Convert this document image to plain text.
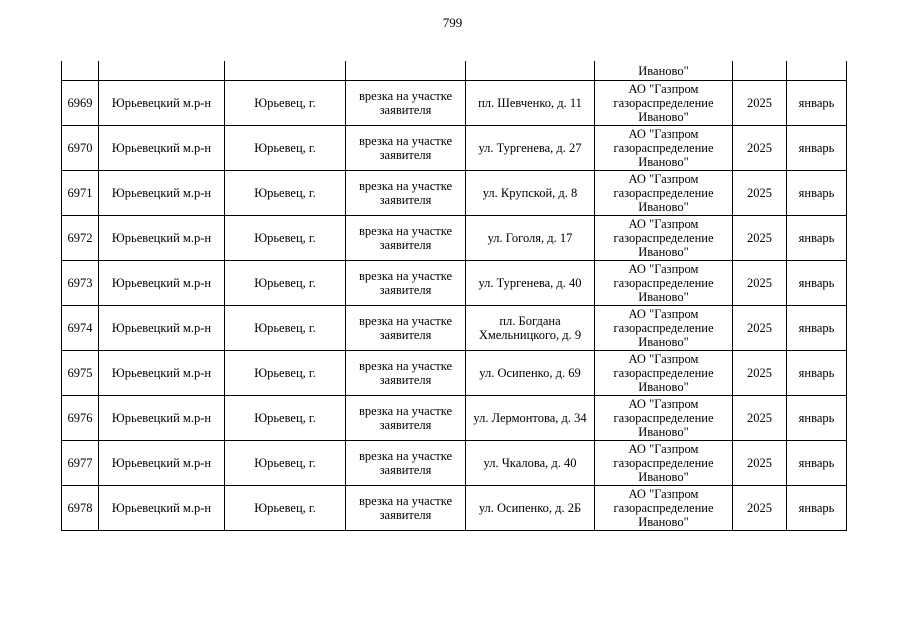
799
					Иваново"		
6969	Юрьевецкий м.р-н	Юрьевец, г.	врезка на участке заявителя	пл. Шевченко, д. 11	АО "Газпром газораспределение Иваново"	2025	январь
6970	Юрьевецкий м.р-н	Юрьевец, г.	врезка на участке заявителя	ул. Тургенева, д. 27	АО "Газпром газораспределение Иваново"	2025	январь
6971	Юрьевецкий м.р-н	Юрьевец, г.	врезка на участке заявителя	ул. Крупской, д. 8	АО "Газпром газораспределение Иваново"	2025	январь
6972	Юрьевецкий м.р-н	Юрьевец, г.	врезка на участке заявителя	ул. Гоголя, д. 17	АО "Газпром газораспределение Иваново"	2025	январь
6973	Юрьевецкий м.р-н	Юрьевец, г.	врезка на участке заявителя	ул. Тургенева, д. 40	АО "Газпром газораспределение Иваново"	2025	январь
6974	Юрьевецкий м.р-н	Юрьевец, г.	врезка на участке заявителя	пл. Богдана Хмельницкого, д. 9	АО "Газпром газораспределение Иваново"	2025	январь
6975	Юрьевецкий м.р-н	Юрьевец, г.	врезка на участке заявителя	ул. Осипенко, д. 69	АО "Газпром газораспределение Иваново"	2025	январь
6976	Юрьевецкий м.р-н	Юрьевец, г.	врезка на участке заявителя	ул. Лермонтова, д. 34	АО "Газпром газораспределение Иваново"	2025	январь
6977	Юрьевецкий м.р-н	Юрьевец, г.	врезка на участке заявителя	ул. Чкалова, д. 40	АО "Газпром газораспределение Иваново"	2025	январь
6978	Юрьевецкий м.р-н	Юрьевец, г.	врезка на участке заявителя	ул. Осипенко, д. 2Б	АО "Газпром газораспределение Иваново"	2025	январь
